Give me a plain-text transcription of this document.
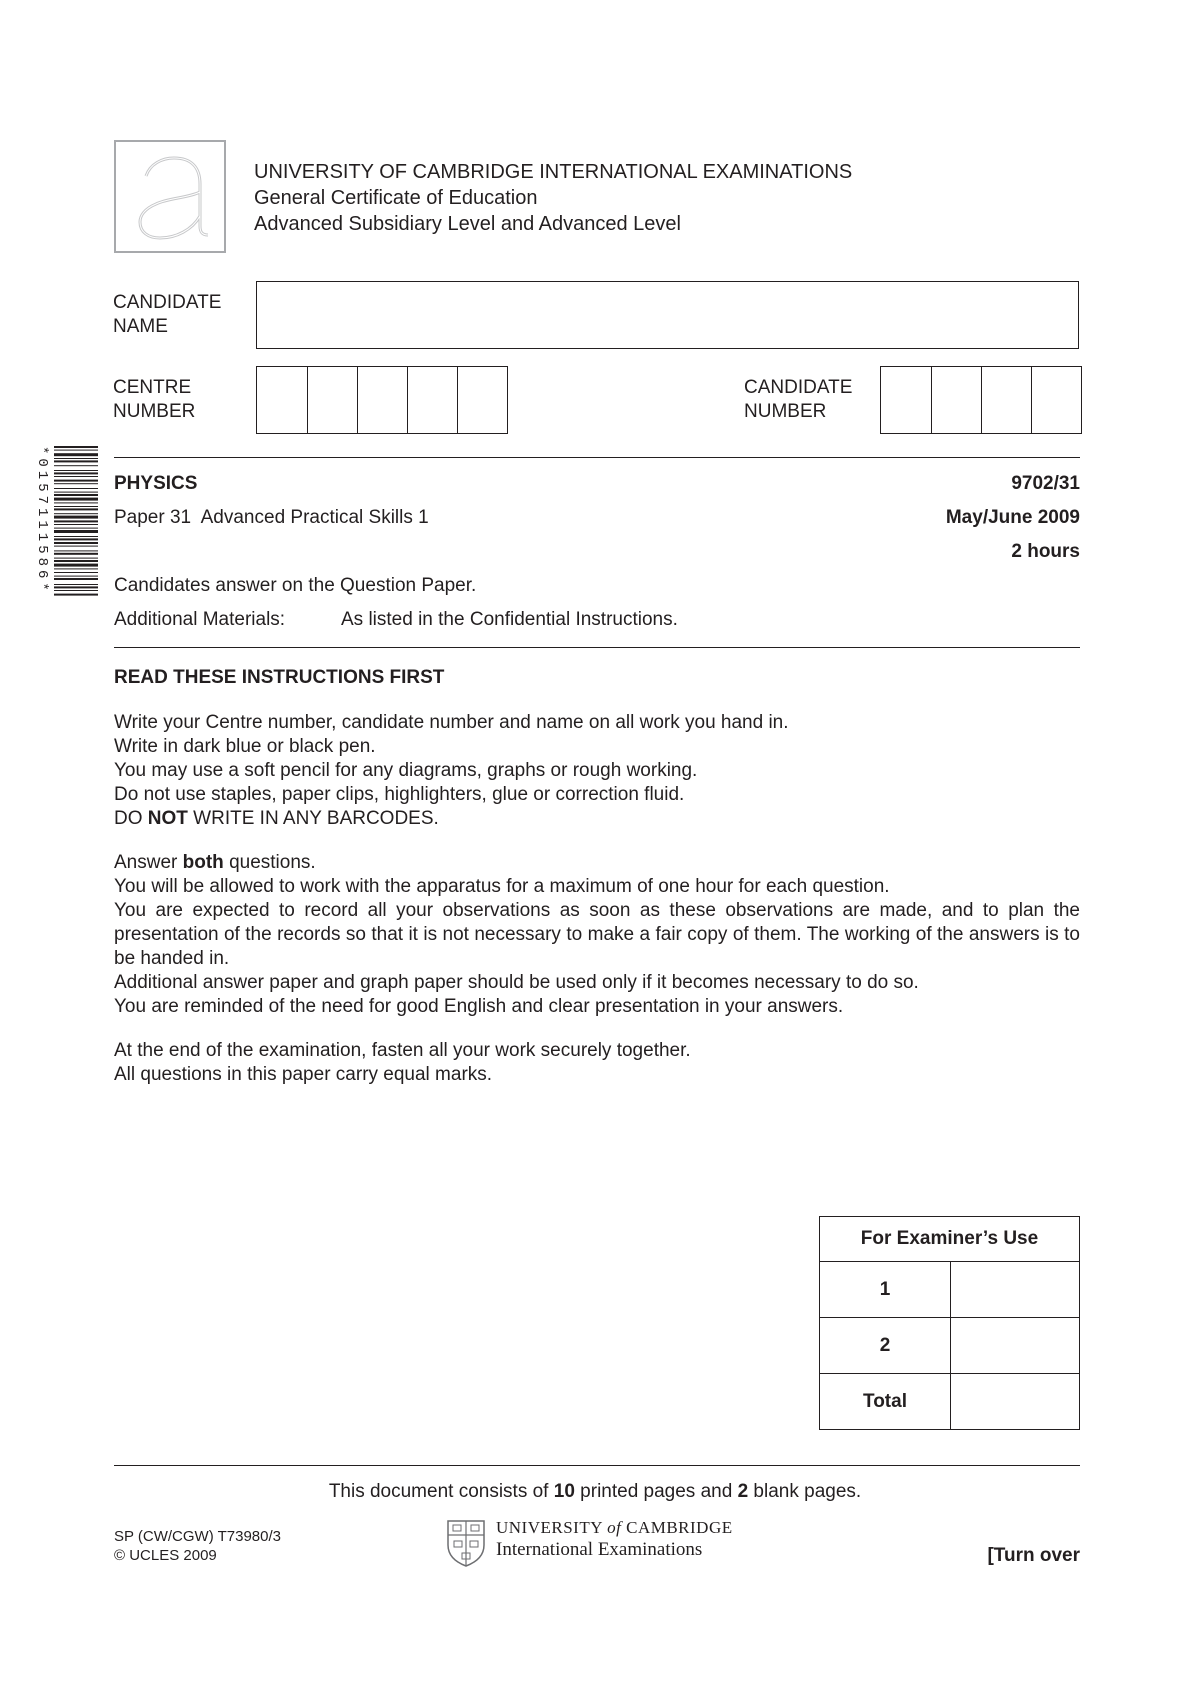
UNIVERSITY OF CAMBRIDGE INTERNATIONAL EXAMINATIONS
General Certificate of Education
Advanced Subsidiary Level and Advanced Level
CANDIDATE
NAME
CENTRE
NUMBER
CANDIDATE
NUMBER
*0157111586*	PHYSICS	9702/31
Paper 31  Advanced Practical Skills 1	May/June 2009
2 hours
Candidates answer on the Question Paper.
Additional Materials:	As listed in the Confidential Instructions.
READ THESE INSTRUCTIONS FIRST

Write your Centre number, candidate number and name on all work you hand in.

Write in dark blue or black pen.

You may use a soft pencil for any diagrams, graphs or rough working.

Do not use staples, paper clips, highlighters, glue or correction fluid.

DO NOT WRITE IN ANY BARCODES.

Answer both questions.

You will be allowed to work with the apparatus for a maximum of one hour for each question.

You are expected to record all your observations as soon as these observations are made, and to plan the presentation of the records so that it is not necessary to make a fair copy of them. The working of the answers is to be handed in.

Additional answer paper and graph paper should be used only if it becomes necessary to do so.

You are reminded of the need for good English and clear presentation in your answers.

At the end of the examination, fasten all your work securely together.

All questions in this paper carry equal marks.

For Examiner’s Use	
1	
2	
Total	
This document consists of 10 printed pages and 2 blank pages.
SP (CW/CGW) T73980/3
© UCLES 2009
UNIVERSITY of CAMBRIDGE
International Examinations	[Turn over
